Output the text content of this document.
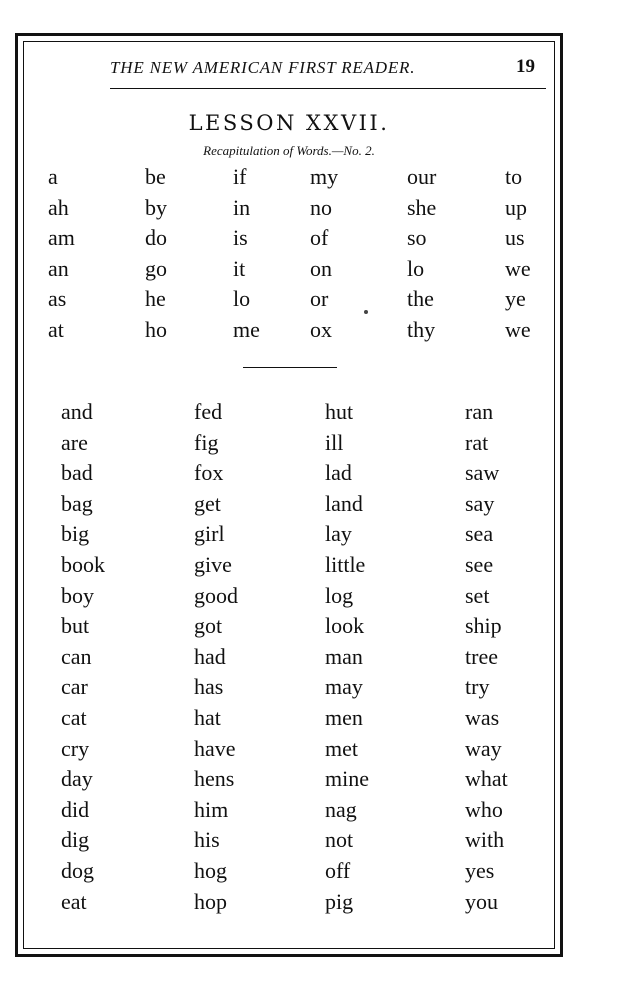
THE NEW AMERICAN FIRST READER.	19
LESSON XXVII.
Recapitulation of Words.—No. 2.
a
ah
am
an
as
at
be
by
do
go
he
ho
if
in
is
it
lo
me
my
no
of
on
or
ox
our
she
so
lo
the
thy
to
up
us
we
ye
we
and
are
bad
bag
big
book
boy
but
can
car
cat
cry
day
did
dig
dog
eat
fed
fig
fox
get
girl
give
good
got
had
has
hat
have
hens
him
his
hog
hop
hut
ill
lad
land
lay
little
log
look
man
may
men
met
mine
nag
not
off
pig
ran
rat
saw
say
sea
see
set
ship
tree
try
was
way
what
who
with
yes
you
